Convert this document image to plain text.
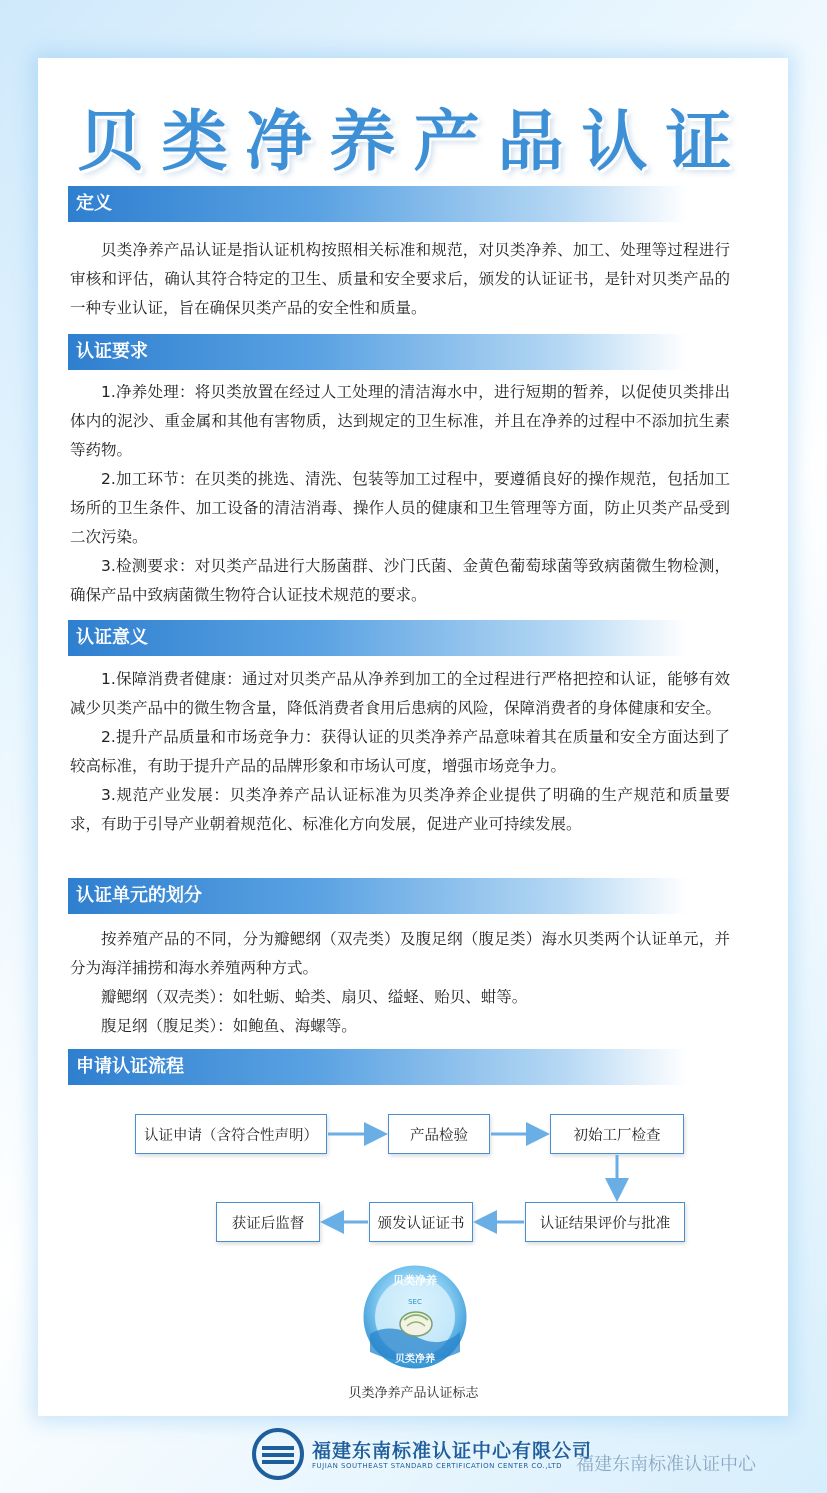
贝类净养产品认证
定义

贝类净养产品认证是指认证机构按照相关标准和规范，对贝类净养、加工、处理等过程进行审核和评估，确认其符合特定的卫生、质量和安全要求后，颁发的认证证书，是针对贝类产品的一种专业认证，旨在确保贝类产品的安全性和质量。

认证要求

1.净养处理：将贝类放置在经过人工处理的清洁海水中，进行短期的暂养，以促使贝类排出体内的泥沙、重金属和其他有害物质，达到规定的卫生标准，并且在净养的过程中不添加抗生素等药物。

2.加工环节：在贝类的挑选、清洗、包装等加工过程中，要遵循良好的操作规范，包括加工场所的卫生条件、加工设备的清洁消毒、操作人员的健康和卫生管理等方面，防止贝类产品受到二次污染。

3.检测要求：对贝类产品进行大肠菌群、沙门氏菌、金黄色葡萄球菌等致病菌微生物检测，确保产品中致病菌微生物符合认证技术规范的要求。

认证意义

1.保障消费者健康：通过对贝类产品从净养到加工的全过程进行严格把控和认证，能够有效减少贝类产品中的微生物含量，降低消费者食用后患病的风险，保障消费者的身体健康和安全。

2.提升产品质量和市场竞争力：获得认证的贝类净养产品意味着其在质量和安全方面达到了较高标准，有助于提升产品的品牌形象和市场认可度，增强市场竞争力。

3.规范产业发展：贝类净养产品认证标准为贝类净养企业提供了明确的生产规范和质量要求，有助于引导产业朝着规范化、标准化方向发展，促进产业可持续发展。

认证单元的划分

按养殖产品的不同，分为瓣鳃纲（双壳类）及腹足纲（腹足类）海水贝类两个认证单元，并分为海洋捕捞和海水养殖两种方式。

瓣鳃纲（双壳类）：如牡蛎、蛤类、扇贝、缢蛏、贻贝、蚶等。

腹足纲（腹足类）：如鲍鱼、海螺等。

申请认证流程
认证申请（含符合性声明）	产品检验	初始工厂检查
认证结果评价与批准
颁发认证证书
获证后监督
贝类净养
SEC
贝类净养
贝类净养产品认证标志
福建东南标准认证中心有限公司
FUJIAN SOUTHEAST STANDARD CERTIFICATION CENTER CO.,LTD 福建东南标准认证中心
